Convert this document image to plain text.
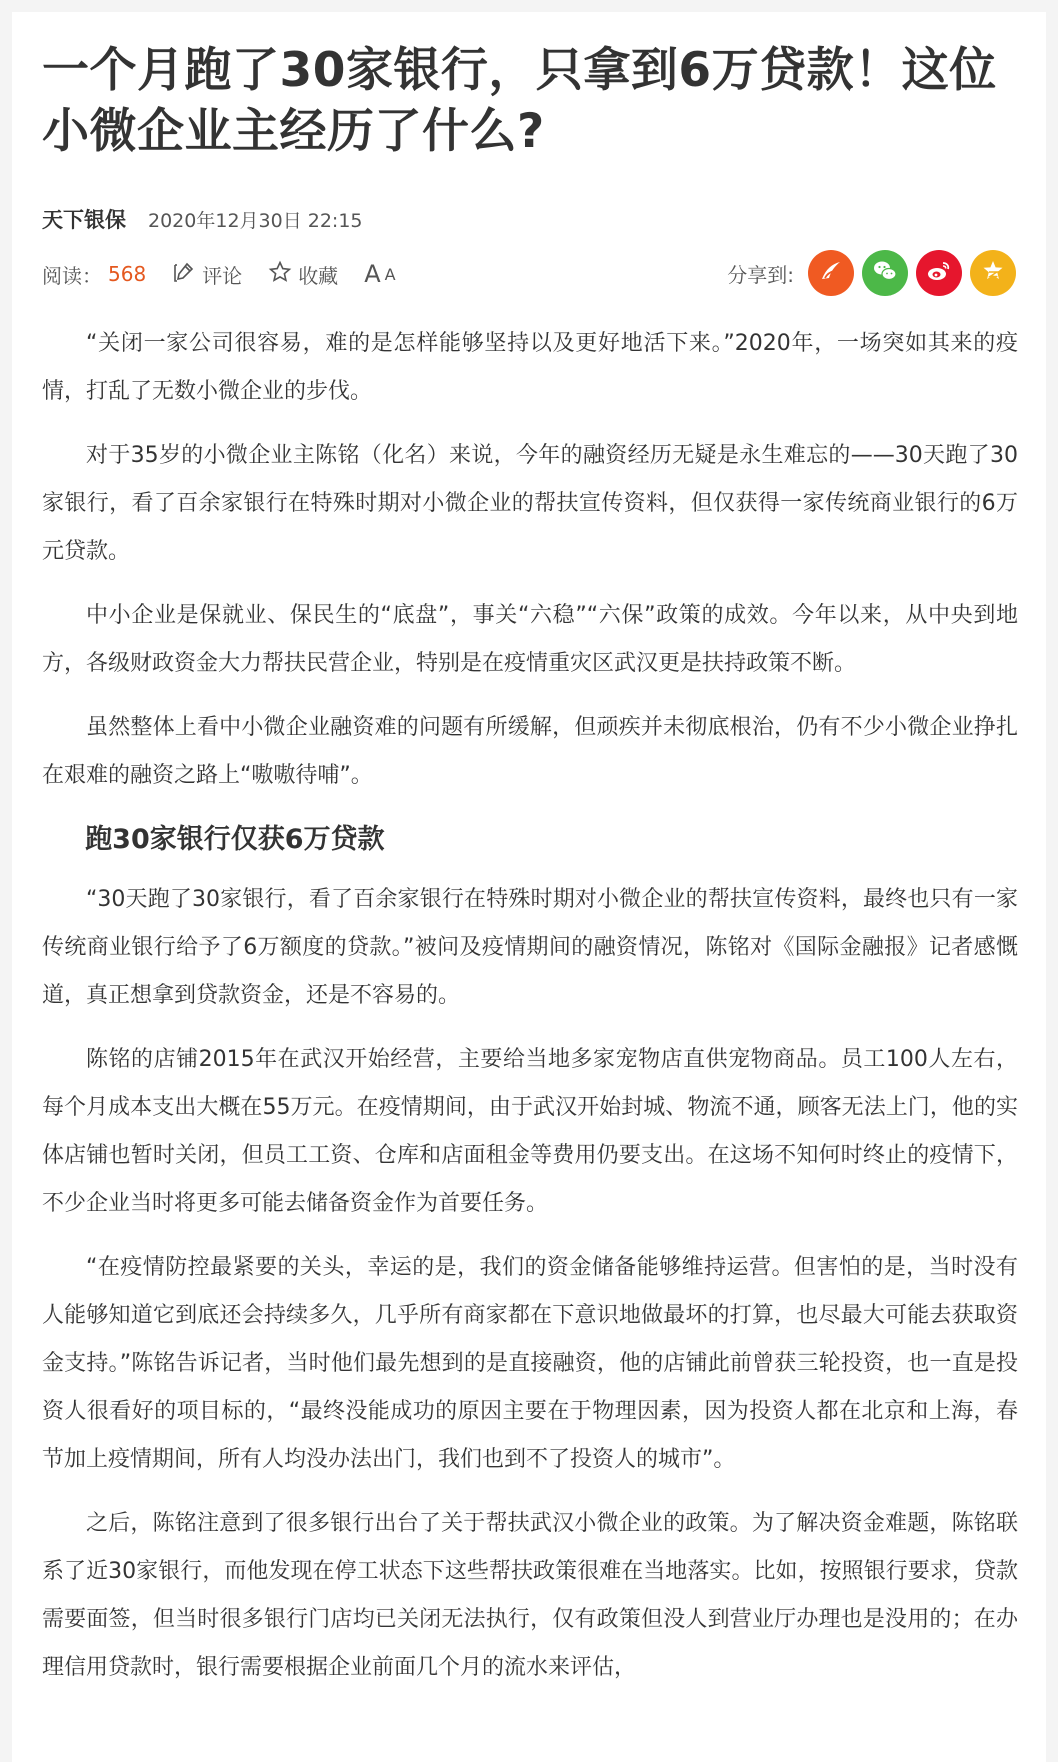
一个月跑了30家银行，只拿到6万贷款！这位小微企业主经历了什么?
天下银保 2020年12月30日 22:15
阅读： 568	评论	收藏 A A	分享到:

“关闭一家公司很容易，难的是怎样能够坚持以及更好地活下来。”2020年，一场突如其来的疫情，打乱了无数小微企业的步伐。

对于35岁的小微企业主陈铭（化名）来说，今年的融资经历无疑是永生难忘的——30天跑了30家银行，看了百余家银行在特殊时期对小微企业的帮扶宣传资料，但仅获得一家传统商业银行的6万元贷款。

中小企业是保就业、保民生的“底盘”，事关“六稳”“六保”政策的成效。今年以来，从中央到地方，各级财政资金大力帮扶民营企业，特别是在疫情重灾区武汉更是扶持政策不断。

虽然整体上看中小微企业融资难的问题有所缓解，但顽疾并未彻底根治，仍有不少小微企业挣扎在艰难的融资之路上“嗷嗷待哺”。

跑30家银行仅获6万贷款

“30天跑了30家银行，看了百余家银行在特殊时期对小微企业的帮扶宣传资料，最终也只有一家传统商业银行给予了6万额度的贷款。”被问及疫情期间的融资情况，陈铭对《国际金融报》记者感慨道，真正想拿到贷款资金，还是不容易的。

陈铭的店铺2015年在武汉开始经营，主要给当地多家宠物店直供宠物商品。员工100人左右，每个月成本支出大概在55万元。在疫情期间，由于武汉开始封城、物流不通，顾客无法上门，他的实体店铺也暂时关闭，但员工工资、仓库和店面租金等费用仍要支出。在这场不知何时终止的疫情下，不少企业当时将更多可能去储备资金作为首要任务。

“在疫情防控最紧要的关头，幸运的是，我们的资金储备能够维持运营。但害怕的是，当时没有人能够知道它到底还会持续多久，几乎所有商家都在下意识地做最坏的打算，也尽最大可能去获取资金支持。”陈铭告诉记者，当时他们最先想到的是直接融资，他的店铺此前曾获三轮投资，也一直是投资人很看好的项目标的，“最终没能成功的原因主要在于物理因素，因为投资人都在北京和上海，春节加上疫情期间，所有人均没办法出门，我们也到不了投资人的城市”。

之后，陈铭注意到了很多银行出台了关于帮扶武汉小微企业的政策。为了解决资金难题，陈铭联系了近30家银行，而他发现在停工状态下这些帮扶政策很难在当地落实。比如，按照银行要求，贷款需要面签，但当时很多银行门店均已关闭无法执行，仅有政策但没人到营业厅办理也是没用的；在办理信用贷款时，银行需要根据企业前面几个月的流水来评估，
